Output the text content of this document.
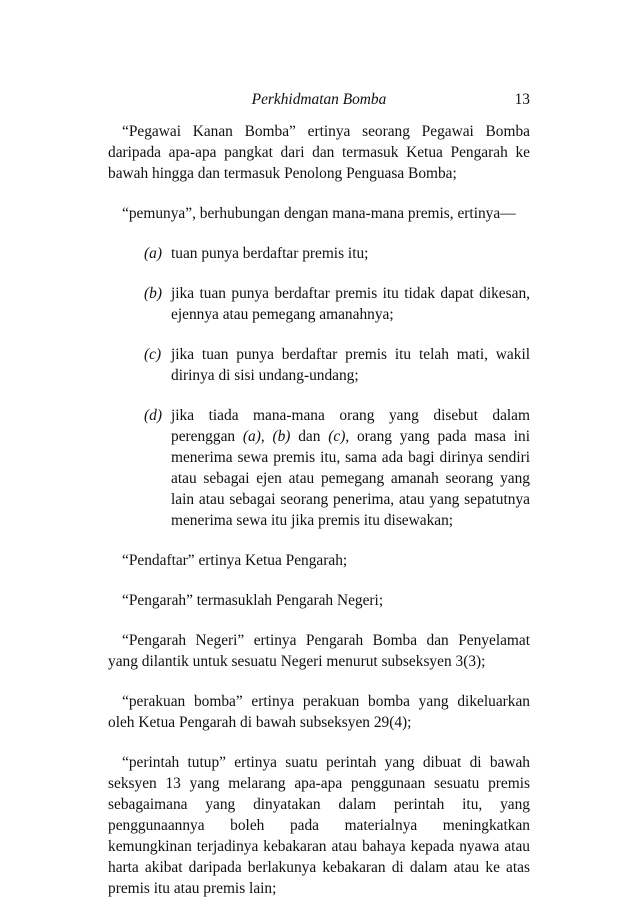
Perkhidmatan Bomba	13

“Pegawai Kanan Bomba” ertinya seorang Pegawai Bomba daripada apa-apa pangkat dari dan termasuk Ketua Pengarah ke bawah hingga dan termasuk Penolong Penguasa Bomba;

“pemunya”, berhubungan dengan mana-mana premis, ertinya—

(a) tuan punya berdaftar premis itu;
(b) jika tuan punya berdaftar premis itu tidak dapat dikesan, ejennya atau pemegang amanahnya;
(c) jika tuan punya berdaftar premis itu telah mati, wakil dirinya di sisi undang-undang;
(d) jika tiada mana-mana orang yang disebut dalam perenggan (a), (b) dan (c), orang yang pada masa ini menerima sewa premis itu, sama ada bagi dirinya sendiri atau sebagai ejen atau pemegang amanah seorang yang lain atau sebagai seorang penerima, atau yang sepatutnya menerima sewa itu jika premis itu disewakan;

“Pendaftar” ertinya Ketua Pengarah;

“Pengarah” termasuklah Pengarah Negeri;

“Pengarah Negeri” ertinya Pengarah Bomba dan Penyelamat yang dilantik untuk sesuatu Negeri menurut subseksyen 3(3);

“perakuan bomba” ertinya perakuan bomba yang dikeluarkan oleh Ketua Pengarah di bawah subseksyen 29(4);

“perintah tutup” ertinya suatu perintah yang dibuat di bawah seksyen 13 yang melarang apa-apa penggunaan sesuatu premis sebagaimana yang dinyatakan dalam perintah itu, yang penggunaannya boleh pada materialnya meningkatkan kemungkinan terjadinya kebakaran atau bahaya kepada nyawa atau harta akibat daripada berlakunya kebakaran di dalam atau ke atas premis itu atau premis lain;
